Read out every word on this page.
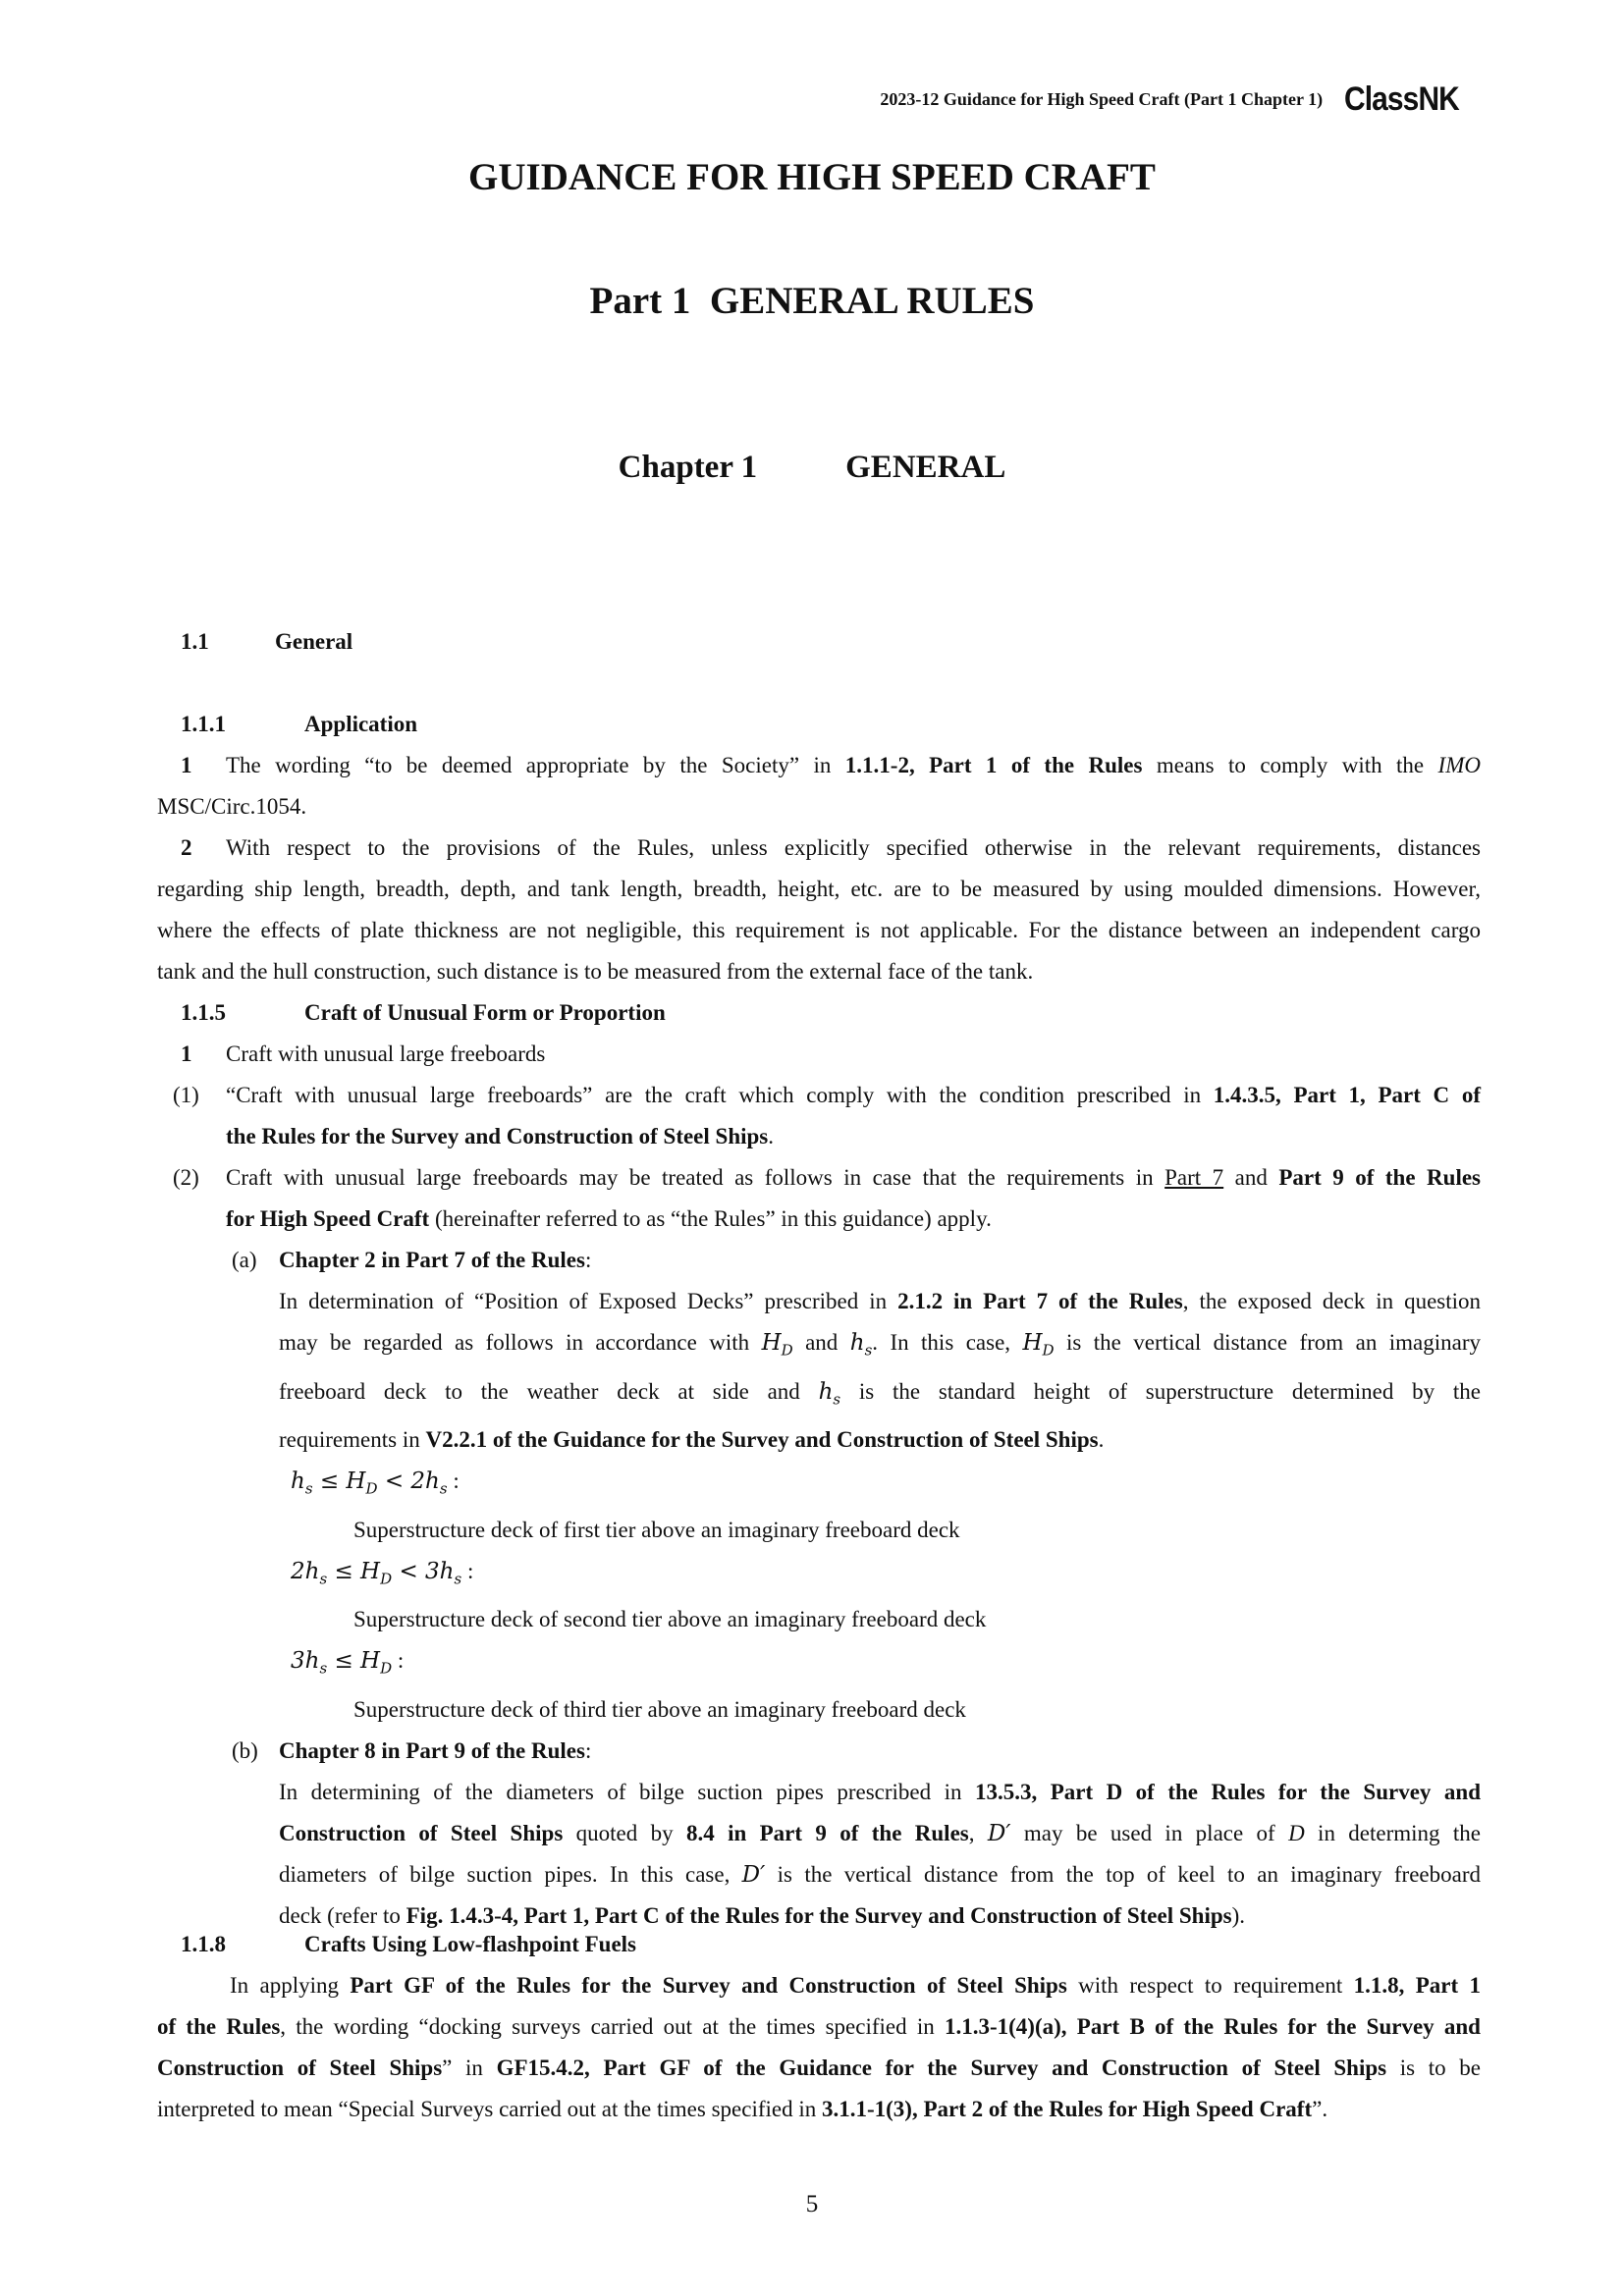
2023-12 Guidance for High Speed Craft (Part 1 Chapter 1) ClassNK
GUIDANCE FOR HIGH SPEED CRAFT
Part 1  GENERAL RULES
Chapter 1	GENERAL
1.1	General
1.1.1	Application
1 The wording “to be deemed appropriate by the Society” in 1.1.1-2, Part 1 of the Rules means to comply with the IMO
MSC/Circ.1054.
2 With respect to the provisions of the Rules, unless explicitly specified otherwise in the relevant requirements, distances
regarding ship length, breadth, depth, and tank length, breadth, height, etc. are to be measured by using moulded dimensions. However,
where the effects of plate thickness are not negligible, this requirement is not applicable. For the distance between an independent cargo
tank and the hull construction, such distance is to be measured from the external face of the tank.
1.1.5	Craft of Unusual Form or Proportion
1 Craft with unusual large freeboards
(1) “Craft with unusual large freeboards” are the craft which comply with the condition prescribed in 1.4.3.5, Part 1, Part C of
the Rules for the Survey and Construction of Steel Ships.
(2) Craft with unusual large freeboards may be treated as follows in case that the requirements in Part 7 and Part 9 of the Rules
for High Speed Craft (hereinafter referred to as “the Rules” in this guidance) apply.
(a) Chapter 2 in Part 7 of the Rules:
In determination of “Position of Exposed Decks” prescribed in 2.1.2 in Part 7 of the Rules, the exposed deck in question
may be regarded as follows in accordance with $H_D$ and $h_s$. In this case, $H_D$ is the vertical distance from an imaginary
freeboard deck to the weather deck at side and $h_s$ is the standard height of superstructure determined by the
requirements in V2.2.1 of the Guidance for the Survey and Construction of Steel Ships.
$h_s \le H_D < 2h_s$ :
Superstructure deck of first tier above an imaginary freeboard deck
$2h_s \le H_D < 3h_s$ :
Superstructure deck of second tier above an imaginary freeboard deck
$3h_s \le H_D$ :
Superstructure deck of third tier above an imaginary freeboard deck
(b) Chapter 8 in Part 9 of the Rules:
In determining of the diameters of bilge suction pipes prescribed in 13.5.3, Part D of the Rules for the Survey and
Construction of Steel Ships quoted by 8.4 in Part 9 of the Rules, D′ may be used in place of D in determing the
diameters of bilge suction pipes. In this case, D′ is the vertical distance from the top of keel to an imaginary freeboard
deck (refer to Fig. 1.4.3-4, Part 1, Part C of the Rules for the Survey and Construction of Steel Ships).
1.1.8	Crafts Using Low-flashpoint Fuels
In applying Part GF of the Rules for the Survey and Construction of Steel Ships with respect to requirement 1.1.8, Part 1
of the Rules, the wording “docking surveys carried out at the times specified in 1.1.3-1(4)(a), Part B of the Rules for the Survey and
Construction of Steel Ships” in GF15.4.2, Part GF of the Guidance for the Survey and Construction of Steel Ships is to be
interpreted to mean “Special Surveys carried out at the times specified in 3.1.1-1(3), Part 2 of the Rules for High Speed Craft”.
5
